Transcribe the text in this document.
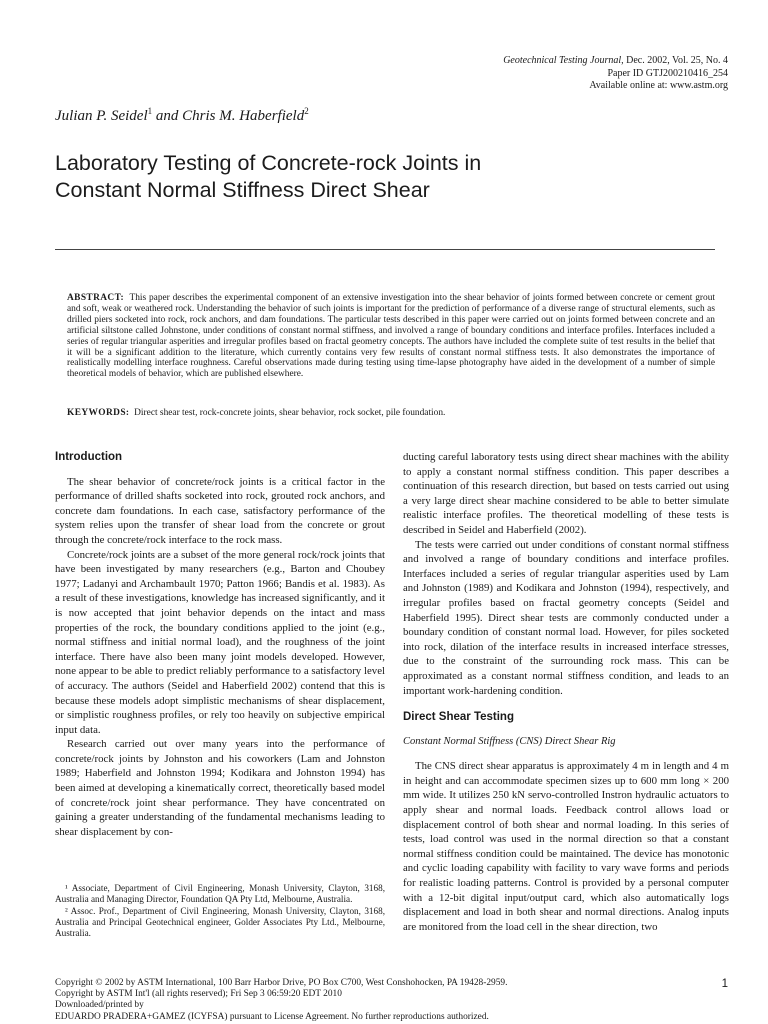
Geotechnical Testing Journal, Dec. 2002, Vol. 25, No. 4
Paper ID GTJ200210416_254
Available online at: www.astm.org
Julian P. Seidel$^1$ and Chris M. Haberfield$^2$
Laboratory Testing of Concrete-rock Joints in
Constant Normal Stiffness Direct Shear
ABSTRACT: This paper describes the experimental component of an extensive investigation into the shear behavior of joints formed between concrete or cement grout and soft, weak or weathered rock. Understanding the behavior of such joints is important for the prediction of performance of a diverse range of structural elements, such as drilled piers socketed into rock, rock anchors, and dam foundations. The particular tests described in this paper were carried out on joints formed between concrete and an artificial siltstone called Johnstone, under conditions of constant normal stiffness, and involved a range of boundary conditions and interface profiles. Interfaces included a series of regular triangular asperities and irregular profiles based on fractal geometry concepts. The authors have included the complete suite of test results in the belief that it will be a significant addition to the literature, which currently contains very few results of constant normal stiffness tests. It also demonstrates the importance of realistically modelling interface roughness. Careful observations made during testing using time-lapse photography have aided in the development of a number of simple theoretical models of behavior, which are published elsewhere.
KEYWORDS: Direct shear test, rock-concrete joints, shear behavior, rock socket, pile foundation.
Introduction

The shear behavior of concrete/rock joints is a critical factor in the performance of drilled shafts socketed into rock, grouted rock anchors, and concrete dam foundations. In each case, satisfactory performance of the system relies upon the transfer of shear load from the concrete or grout through the concrete/rock interface to the rock mass.

Concrete/rock joints are a subset of the more general rock/rock joints that have been investigated by many researchers (e.g., Barton and Choubey 1977; Ladanyi and Archambault 1970; Patton 1966; Bandis et al. 1983). As a result of these investigations, knowledge has increased significantly, and it is now accepted that joint behavior depends on the intact and mass properties of the rock, the boundary conditions applied to the joint (e.g., normal stiffness and initial normal load), and the roughness of the joint interface. There have also been many joint models developed. However, none appear to be able to predict reliably performance to a satisfactory level of accuracy. The authors (Seidel and Haberfield 2002) contend that this is because these models adopt simplistic mechanisms of shear displacement, or simplistic roughness profiles, or rely too heavily on subjective empirical input data.

Research carried out over many years into the performance of concrete/rock joints by Johnston and his coworkers (Lam and Johnston 1989; Haberfield and Johnston 1994; Kodikara and Johnston 1994) has been aimed at developing a kinematically correct, theoretically based model of concrete/rock joint shear performance. They have concentrated on gaining a greater understanding of the fundamental mechanisms leading to shear displacement by con-

¹ Associate, Department of Civil Engineering, Monash University, Clayton, 3168, Australia and Managing Director, Foundation QA Pty Ltd, Melbourne, Australia.

² Assoc. Prof., Department of Civil Engineering, Monash University, Clayton, 3168, Australia and Principal Geotechnical engineer, Golder Associates Pty Ltd., Melbourne, Australia.

ducting careful laboratory tests using direct shear machines with the ability to apply a constant normal stiffness condition. This paper describes a continuation of this research direction, but based on tests carried out using a very large direct shear machine considered to be able to better simulate realistic interface profiles. The theoretical modelling of these tests is described in Seidel and Haberfield (2002).

The tests were carried out under conditions of constant normal stiffness and involved a range of boundary conditions and interface profiles. Interfaces included a series of regular triangular asperities used by Lam and Johnston (1989) and Kodikara and Johnston (1994), respectively, and irregular profiles based on fractal geometry concepts (Seidel and Haberfield 1995). Direct shear tests are commonly conducted under a boundary condition of constant normal load. However, for piles socketed into rock, dilation of the interface results in increased interface stresses, due to the constraint of the surrounding rock mass. This can be approximated as a constant normal stiffness condition, and leads to an important work-hardening condition.

Direct Shear Testing
Constant Normal Stiffness (CNS) Direct Shear Rig

The CNS direct shear apparatus is approximately 4 m in length and 4 m in height and can accommodate specimen sizes up to 600 mm long × 200 mm wide. It utilizes 250 kN servo-controlled Instron hydraulic actuators to apply shear and normal loads. Feedback control allows load or displacement control of both shear and normal loading. In this series of tests, load control was used in the normal direction so that a constant normal stiffness condition could be maintained. The device has monotonic and cyclic loading capability with facility to vary wave forms and periods for realistic loading patterns. Control is provided by a personal computer with a 12-bit digital input/output card, which also automatically logs displacement and load in both shear and normal directions. Analog inputs are monitored from the load cell in the shear direction, two

Copyright © 2002 by ASTM International, 100 Barr Harbor Drive, PO Box C700, West Conshohocken, PA 19428-2959.
Copyright by ASTM Int'l (all rights reserved); Fri Sep 3 06:59:20 EDT 2010
Downloaded/printed by
EDUARDO PRADERA+GAMEZ (ICYFSA) pursuant to License Agreement. No further reproductions authorized.
1
